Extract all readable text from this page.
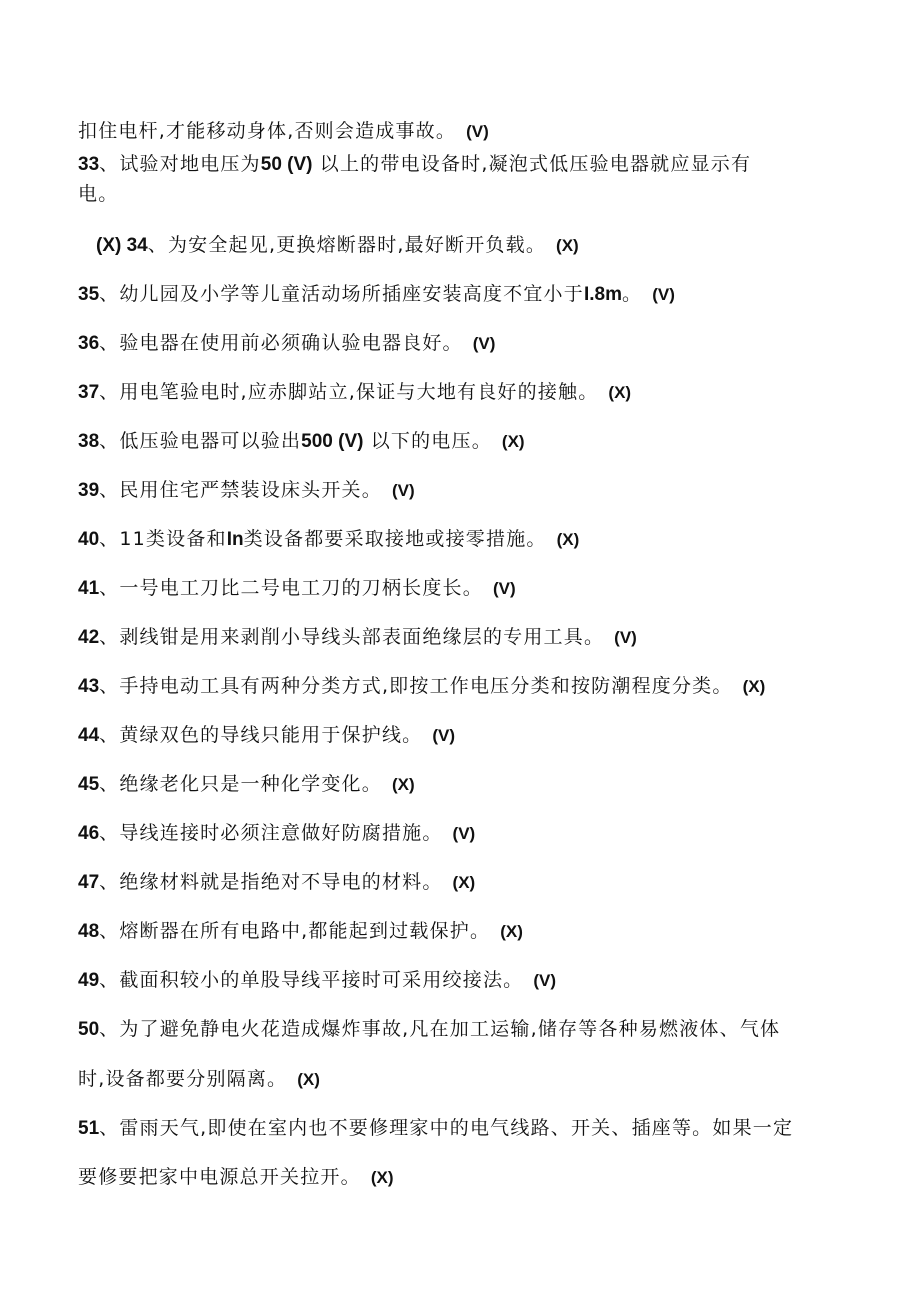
扣住电杆,才能移动身体,否则会造成事故。 (V)
33、试验对地电压为50 (V) 以上的带电设备时,凝泡式低压验电器就应显示有
电。
(X) 34、为安全起见,更换熔断器时,最好断开负载。 (X)
35、幼儿园及小学等儿童活动场所插座安装高度不宜小于I.8m。 (V)
36、验电器在使用前必须确认验电器良好。 (V)
37、用电笔验电时,应赤脚站立,保证与大地有良好的接触。 (X)
38、低压验电器可以验出500 (V) 以下的电压。 (X)
39、民用住宅严禁装设床头开关。 (V)
40、11类设备和In类设备都要采取接地或接零措施。 (X)
41、一号电工刀比二号电工刀的刀柄长度长。 (V)
42、剥线钳是用来剥削小导线头部表面绝缘层的专用工具。 (V)
43、手持电动工具有两种分类方式,即按工作电压分类和按防潮程度分类。 (X)
44、黄绿双色的导线只能用于保护线。 (V)
45、绝缘老化只是一种化学变化。 (X)
46、导线连接时必须注意做好防腐措施。 (V)
47、绝缘材料就是指绝对不导电的材料。 (X)
48、熔断器在所有电路中,都能起到过载保护。 (X)
49、截面积较小的单股导线平接时可采用绞接法。 (V)
50、为了避免静电火花造成爆炸事故,凡在加工运输,储存等各种易燃液体、气体
时,设备都要分别隔离。 (X)
51、雷雨天气,即使在室内也不要修理家中的电气线路、开关、插座等。如果一定
要修要把家中电源总开关拉开。 (X)
